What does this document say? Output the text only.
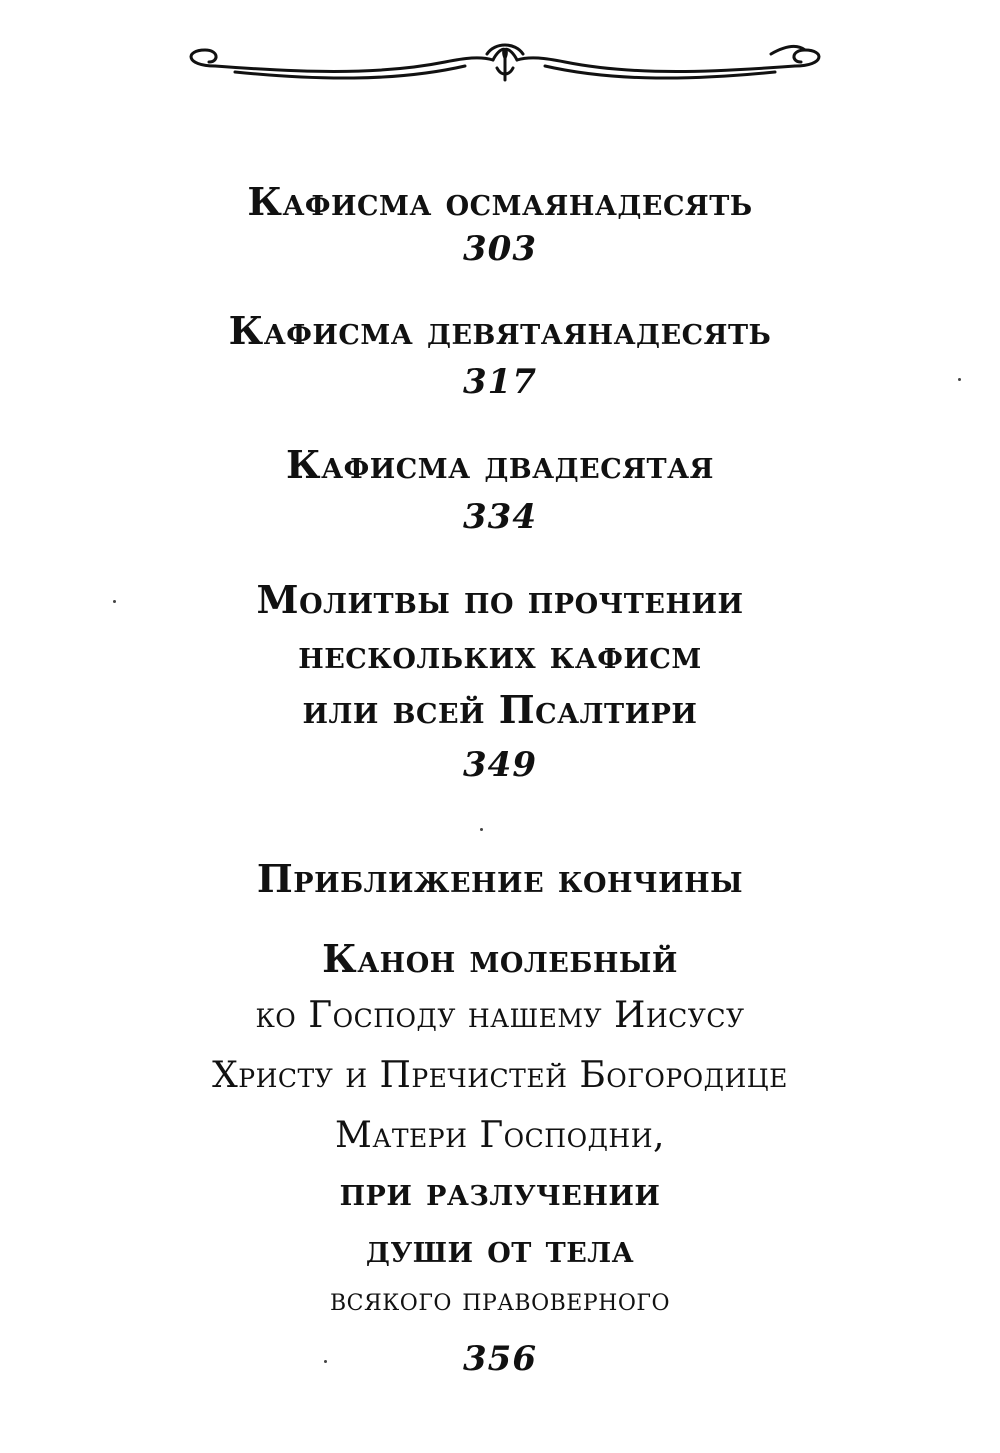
Кафисма осмаянадесять
303
Кафисма девятаянадесять
317
Кафисма двадесятая
334
Молитвы по прочтении
нескольких кафисм
или всей Псалтири
349
Приближение кончины
Канон молебный
ко Господу нашему Иисусу
Христу и Пречистей Богородице
Матери Господни,
при разлучении
души от тела
всякого правоверного
356
